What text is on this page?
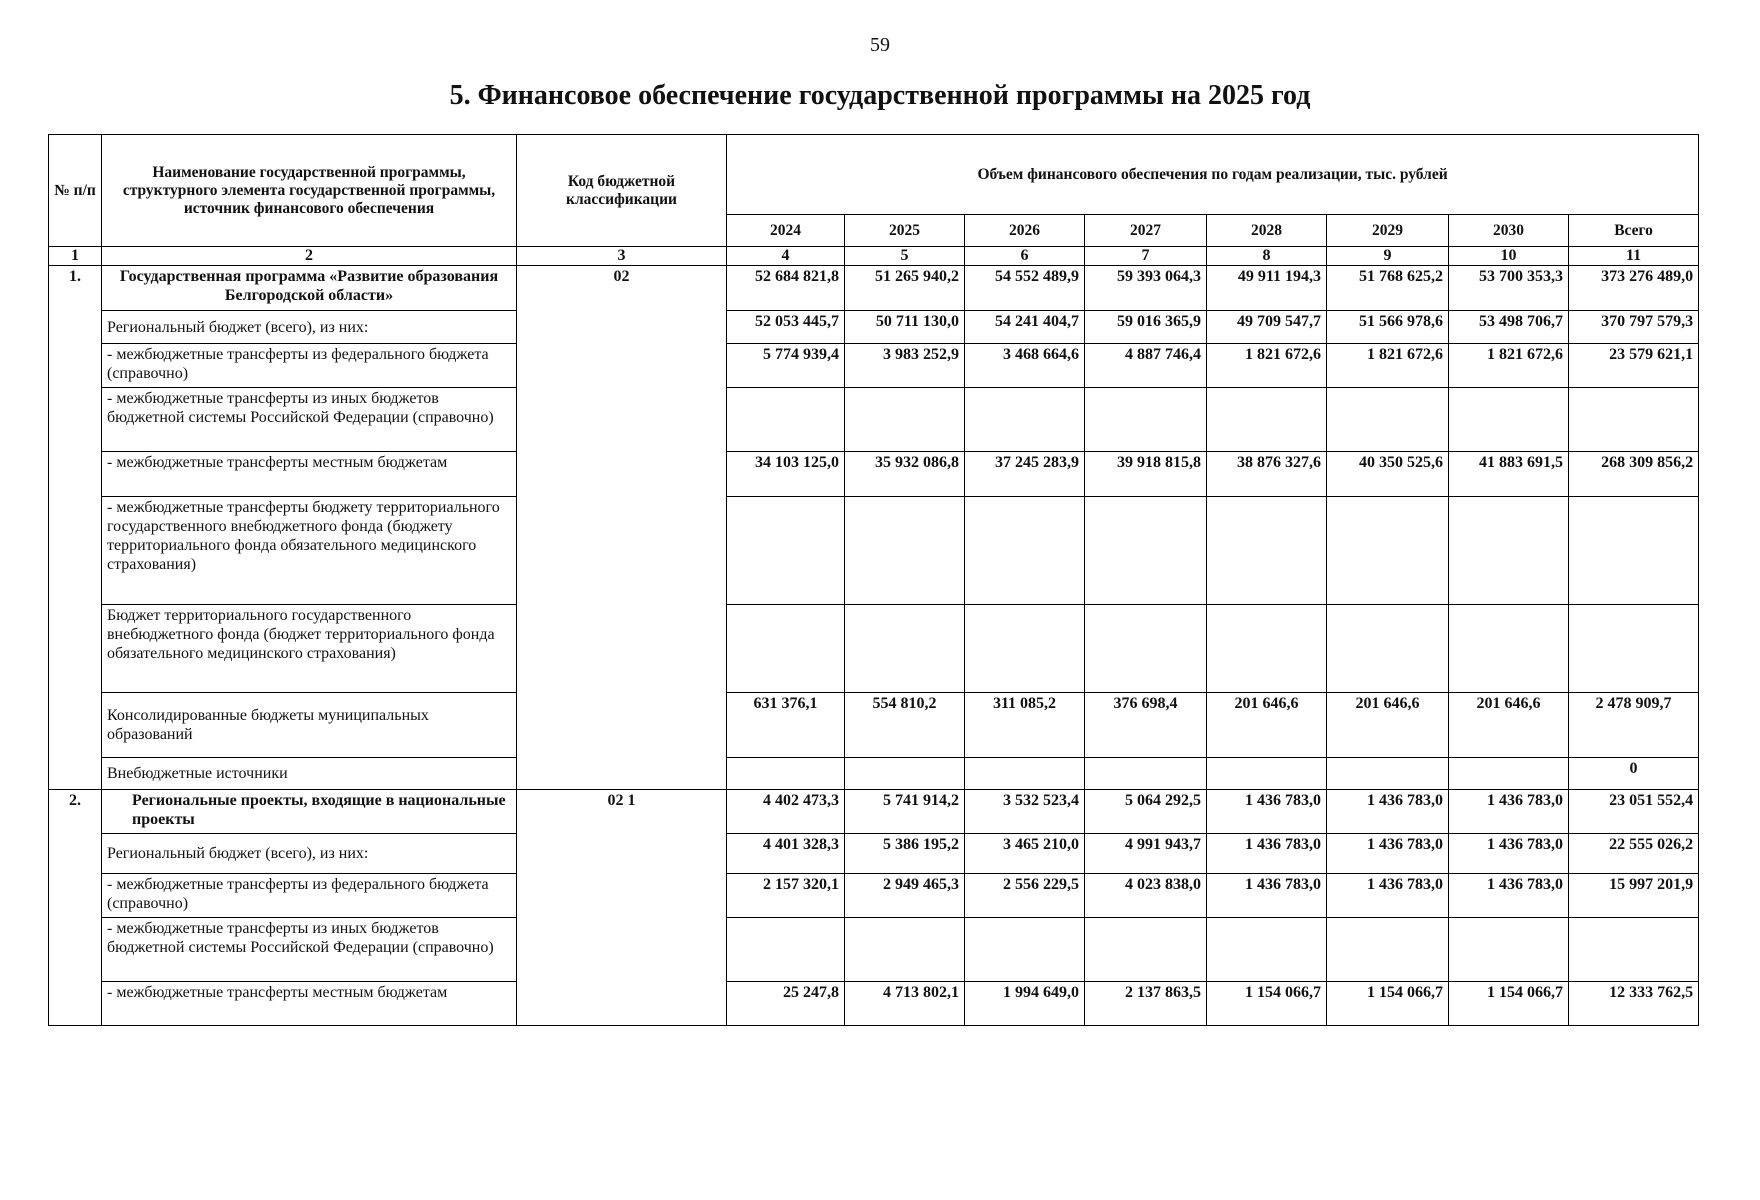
59
5. Финансовое обеспечение государственной программы на 2025 год
№ п/п	Наименование государственной программы, структурного элемента государственной программы, источник финансового обеспечения	Код бюджетной классификации	Объем финансового обеспечения по годам реализации, тыс. рублей							
			2024	2025	2026	2027	2028	2029	2030	Всего
1	2	3	4	5	6	7	8	9	10	11
1.	Государственная программа «Развитие образования Белгородской области»	02	52 684 821,8	51 265 940,2	54 552 489,9	59 393 064,3	49 911 194,3	51 768 625,2	53 700 353,3	373 276 489,0
	Региональный бюджет (всего), из них:		52 053 445,7	50 711 130,0	54 241 404,7	59 016 365,9	49 709 547,7	51 566 978,6	53 498 706,7	370 797 579,3
	- межбюджетные трансферты из федерального бюджета (справочно)		5 774 939,4	3 983 252,9	3 468 664,6	4 887 746,4	1 821 672,6	1 821 672,6	1 821 672,6	23 579 621,1
	- межбюджетные трансферты из иных бюджетов бюджетной системы Российской Федерации (справочно)									
	- межбюджетные трансферты местным бюджетам		34 103 125,0	35 932 086,8	37 245 283,9	39 918 815,8	38 876 327,6	40 350 525,6	41 883 691,5	268 309 856,2
	- межбюджетные трансферты бюджету территориального государственного внебюджетного фонда (бюджету территориального фонда обязательного медицинского страхования)									
	Бюджет территориального государственного внебюджетного фонда (бюджет территориального фонда обязательного медицинского страхования)									
	Консолидированные бюджеты муниципальных образований		631 376,1	554 810,2	311 085,2	376 698,4	201 646,6	201 646,6	201 646,6	2 478 909,7
	Внебюджетные источники									0
2.	Региональные проекты, входящие в национальные проекты	02 1	4 402 473,3	5 741 914,2	3 532 523,4	5 064 292,5	1 436 783,0	1 436 783,0	1 436 783,0	23 051 552,4
	Региональный бюджет (всего), из них:		4 401 328,3	5 386 195,2	3 465 210,0	4 991 943,7	1 436 783,0	1 436 783,0	1 436 783,0	22 555 026,2
	- межбюджетные трансферты из федерального бюджета (справочно)		2 157 320,1	2 949 465,3	2 556 229,5	4 023 838,0	1 436 783,0	1 436 783,0	1 436 783,0	15 997 201,9
	- межбюджетные трансферты из иных бюджетов бюджетной системы Российской Федерации (справочно)									
	- межбюджетные трансферты местным бюджетам		25 247,8	4 713 802,1	1 994 649,0	2 137 863,5	1 154 066,7	1 154 066,7	1 154 066,7	12 333 762,5
